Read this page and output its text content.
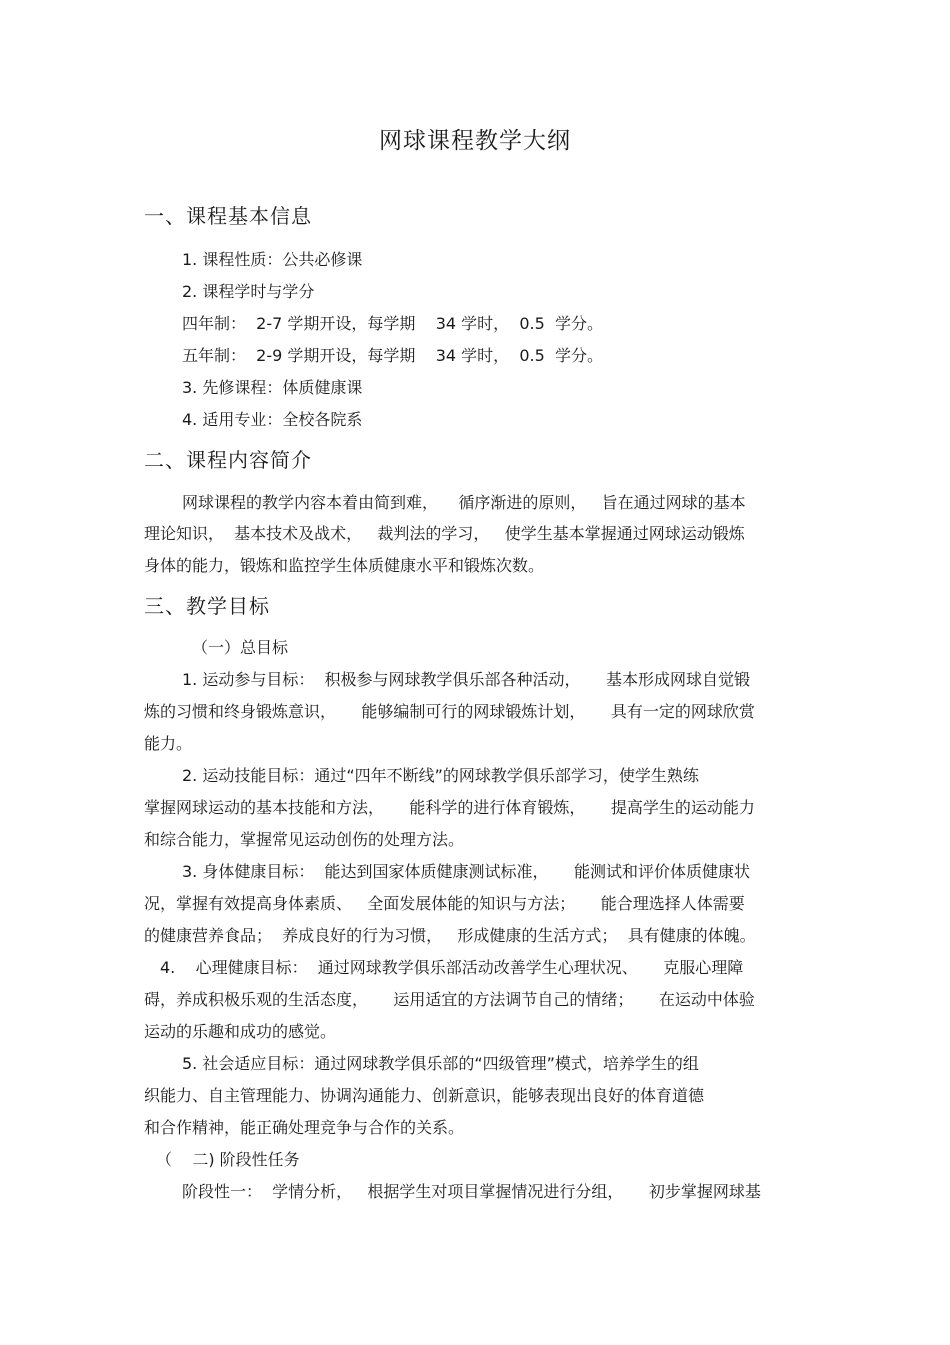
网球课程教学大纲
一、课程基本信息
1. 课程性质：公共必修课
2. 课程学时与学分
四年制：  2-7 学期开设，每学期    34 学时，  0.5  学分。
五年制：  2-9 学期开设，每学期    34 学时，  0.5  学分。
3. 先修课程：体质健康课
4. 适用专业：全校各院系
二、课程内容简介
网球课程的教学内容本着由简到难，    循序渐进的原则，   旨在通过网球的基本
理论知识，  基本技术及战术，   裁判法的学习，   使学生基本掌握通过网球运动锻炼
身体的能力，锻炼和监控学生体质健康水平和锻炼次数。
三、教学目标
（一）总目标
1. 运动参与目标：  积极参与网球教学俱乐部各种活动，     基本形成网球自觉锻
炼的习惯和终身锻炼意识，     能够编制可行的网球锻炼计划，     具有一定的网球欣赏
能力。
2. 运动技能目标：通过“四年不断线”的网球教学俱乐部学习，使学生熟练
掌握网球运动的基本技能和方法，     能科学的进行体育锻炼，     提高学生的运动能力
和综合能力，掌握常见运动创伤的处理方法。
3. 身体健康目标：  能达到国家体质健康测试标准，     能测试和评价体质健康状
况，掌握有效提高身体素质、   全面发展体能的知识与方法；     能合理选择人体需要
的健康营养食品；  养成良好的行为习惯，   形成健康的生活方式；  具有健康的体魄。
4.    心理健康目标：  通过网球教学俱乐部活动改善学生心理状况、     克服心理障
碍，养成积极乐观的生活态度，     运用适宜的方法调节自己的情绪；     在运动中体验
运动的乐趣和成功的感觉。
5. 社会适应目标：通过网球教学俱乐部的“四级管理”模式，培养学生的组
织能力、自主管理能力、协调沟通能力、创新意识，能够表现出良好的体育道德
和合作精神，能正确处理竞争与合作的关系。
（    二) 阶段性任务
阶段性一：  学情分析，   根据学生对项目掌握情况进行分组，     初步掌握网球基
